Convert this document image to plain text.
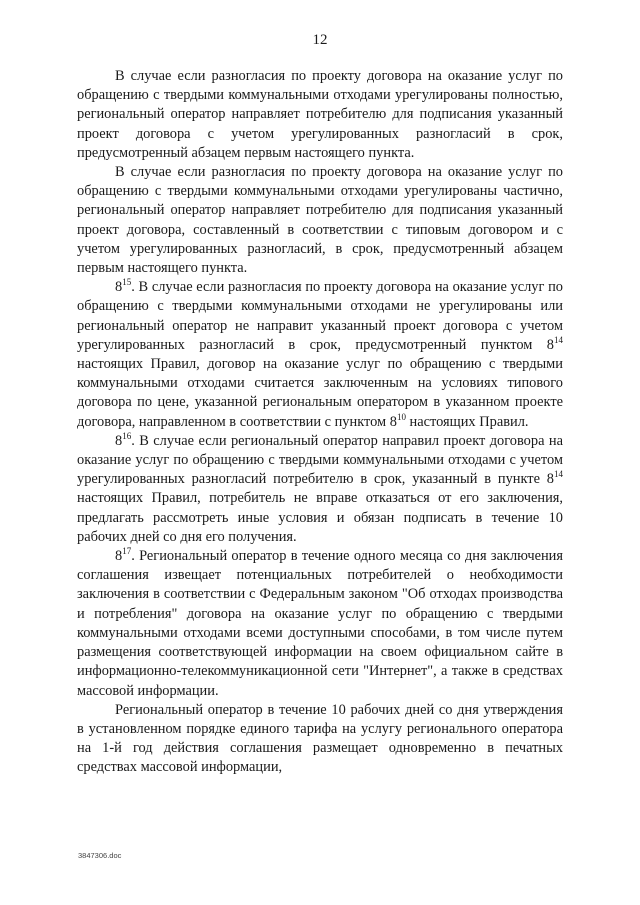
12

В случае если разногласия по проекту договора на оказание услуг по обращению с твердыми коммунальными отходами урегулированы полностью, региональный оператор направляет потребителю для подписания указанный проект договора с учетом урегулированных разногласий в срок, предусмотренный абзацем первым настоящего пункта.

В случае если разногласия по проекту договора на оказание услуг по обращению с твердыми коммунальными отходами урегулированы частично, региональный оператор направляет потребителю для подписания указанный проект договора, составленный в соответствии с типовым договором и с учетом урегулированных разногласий, в срок, предусмотренный абзацем первым настоящего пункта.

$8^{15}$. В случае если разногласия по проекту договора на оказание услуг по обращению с твердыми коммунальными отходами не урегулированы или региональный оператор не направит указанный проект договора с учетом урегулированных разногласий в срок, предусмотренный пунктом $8^{14}$ настоящих Правил, договор на оказание услуг по обращению с твердыми коммунальными отходами считается заключенным на условиях типового договора по цене, указанной региональным оператором в указанном проекте договора, направленном в соответствии с пунктом $8^{10}$ настоящих Правил.

$8^{16}$. В случае если региональный оператор направил проект договора на оказание услуг по обращению с твердыми коммунальными отходами с учетом урегулированных разногласий потребителю в срок, указанный в пункте $8^{14}$ настоящих Правил, потребитель не вправе отказаться от его заключения, предлагать рассмотреть иные условия и обязан подписать в течение 10 рабочих дней со дня его получения.

$8^{17}$. Региональный оператор в течение одного месяца со дня заключения соглашения извещает потенциальных потребителей о необходимости заключения в соответствии с Федеральным законом "Об отходах производства и потребления" договора на оказание услуг по обращению с твердыми коммунальными отходами всеми доступными способами, в том числе путем размещения соответствующей информации на своем официальном сайте в информационно-телекоммуникационной сети "Интернет", а также в средствах массовой информации.

Региональный оператор в течение 10 рабочих дней со дня утверждения в установленном порядке единого тарифа на услугу регионального оператора на 1-й год действия соглашения размещает одновременно в печатных средствах массовой информации,

3847306.doc
